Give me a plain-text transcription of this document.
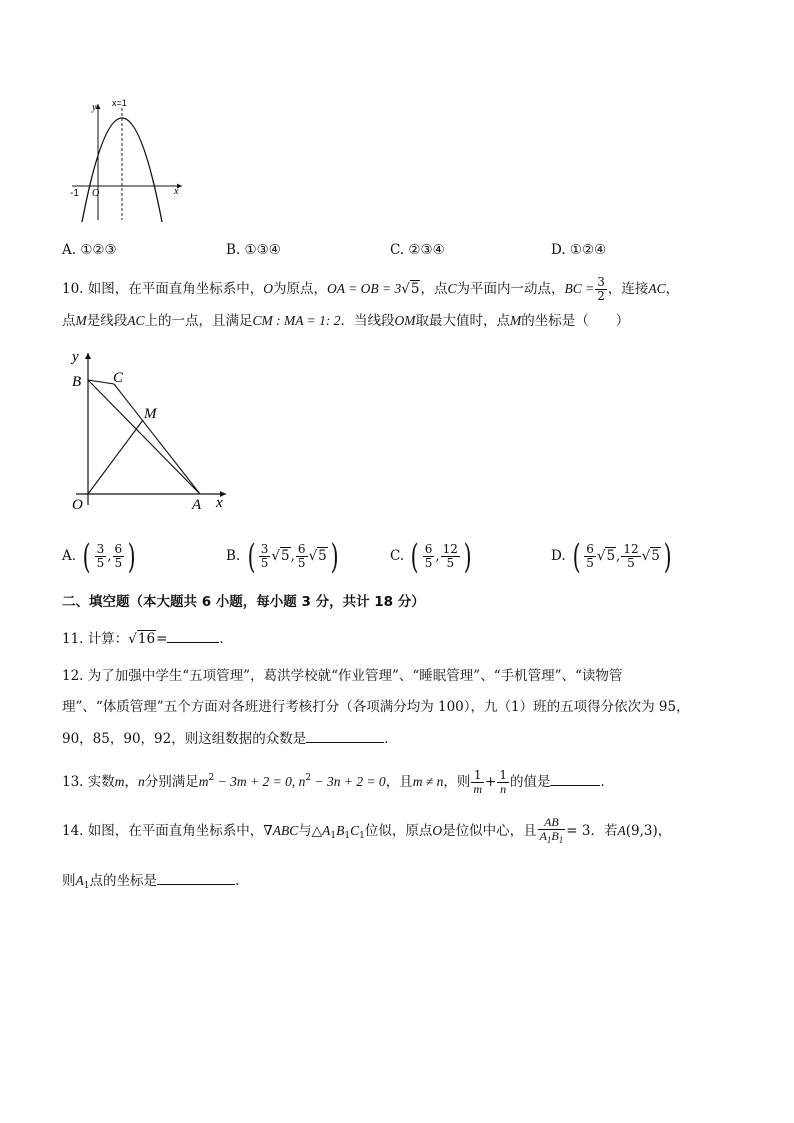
y x=1
x
O
-1
A. ①②③	B. ①③④	C. ②③④	D. ①②④
10. 如图，在平面直角坐标系中，O为原点，OA = OB = 3√5，点C为平面内一动点，BC = $\frac{3}{2}$ ，连接AC，
点M是线段AC上的一点，且满足CM : MA = 1: 2．当线段OM取最大值时，点M的坐标是（　　）
y
B C
M
O	A x
A. ( $\frac{3}{5}$ , $\frac{6}{5}$ )	B. ( $\frac{3}{5} √5$, $\frac{6}{5} √5$ )	C. ( $\frac{6}{5}$ , $\frac{12}{5}$ )	D. ( $\frac{6}{5} √5$, $\frac{12}{5} √5$ )
二、填空题（本大题共 6 小题，每小题 3 分，共计 18 分）
11. 计算：√16=	．
12. 为了加强中学生“五项管理”，葛洪学校就“作业管理”、“睡眠管理”、“手机管理”、“读物管
理”、“体质管理”五个方面对各班进行考核打分（各项满分均为 100），九（1）班的五项得分依次为 95，
90，85，90，92，则这组数据的众数是	．
13. 实数m，n分别满足$m^2 - 3m + 2 = 0$, $n^2 - 3n + 2 = 0$，且m ≠ n，则 $\frac{1}{m} + \frac{1}{n}$ 的值是	．
14. 如图，在平面直角坐标系中，∇ABC与$\triangle A_1B_1C_1$位似，原点O是位似中心，且 $\frac{AB}{A_1B_1} = 3$．若A(9,3)，
则$A_1$点的坐标是	．
